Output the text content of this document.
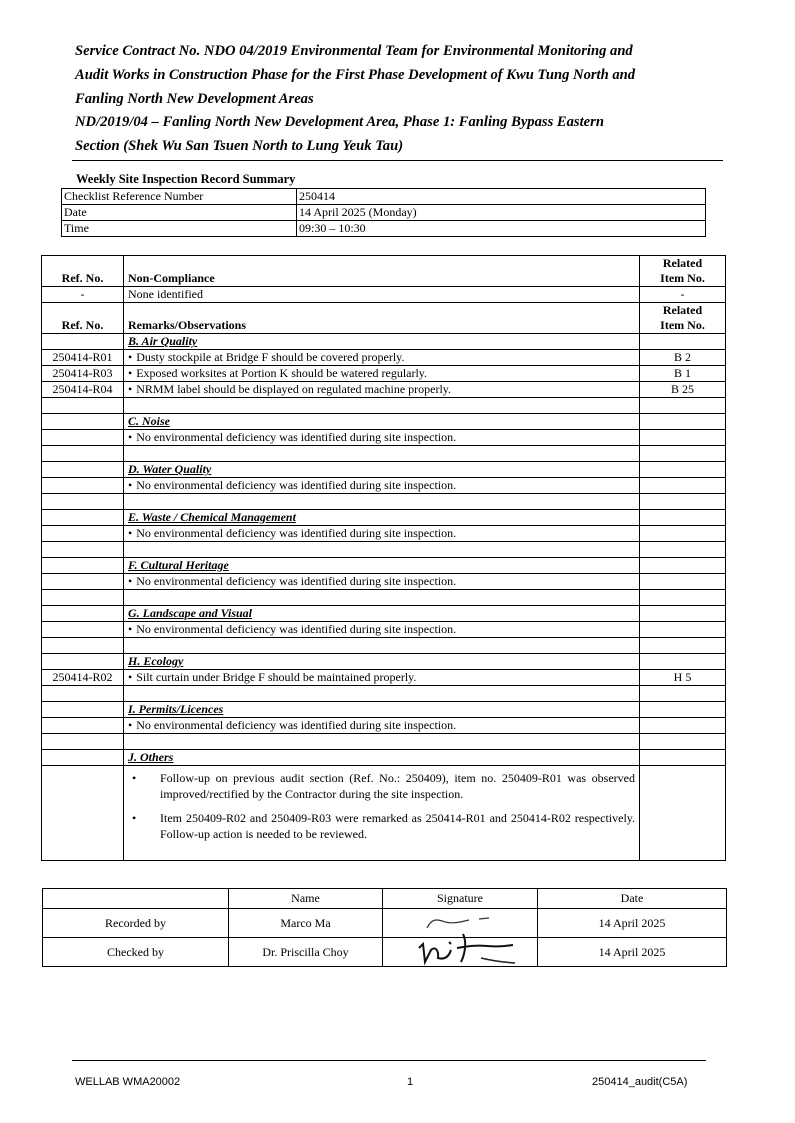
Service Contract No. NDO 04/2019 Environmental Team for Environmental Monitoring and
Audit Works in Construction Phase for the First Phase Development of Kwu Tung North and
Fanling North New Development Areas
ND/2019/04 – Fanling North New Development Area, Phase 1: Fanling Bypass Eastern
Section (Shek Wu San Tsuen North to Lung Yeuk Tau)
Weekly Site Inspection Record Summary
Checklist Reference Number	250414
Date	14 April 2025 (Monday)
Time	09:30 – 10:30
Ref. No.	Non-Compliance	Related
Item No.

-	None identified	-
Ref. No.	Remarks/Observations	Related
Item No.

	B. Air Quality	
250414-R01	• Dusty stockpile at Bridge F should be covered properly.	B 2
250414-R03	• Exposed worksites at Portion K should be watered regularly.	B 1
250414-R04	• NRMM label should be displayed on regulated machine properly.	B 25

	C. Noise	
	• No environmental deficiency was identified during site inspection.	

	D. Water Quality	
	• No environmental deficiency was identified during site inspection.	

	E. Waste / Chemical Management	
	• No environmental deficiency was identified during site inspection.	

	F. Cultural Heritage	
	• No environmental deficiency was identified during site inspection.	

	G. Landscape and Visual	
	• No environmental deficiency was identified during site inspection.	

	H. Ecology	
250414-R02	• Silt curtain under Bridge F should be maintained properly.	H 5

	I. Permits/Licences	
	• No environmental deficiency was identified during site inspection.	

	J. Others	

	• Follow-up on previous audit section (Ref. No.: 250409), item no. 250409-R01 was observed improved/rectified by the Contractor during the site inspection.
• Item 250409-R02 and 250409-R03 were remarked as 250414-R01 and 250414-R02 respectively. Follow-up action is needed to be reviewed.

	Name	Signature	Date
Recorded by	Marco Ma		14 April 2025
Checked by	Dr. Priscilla Choy		14 April 2025
WELLAB WMA20002	1	250414_audit(C5A)
